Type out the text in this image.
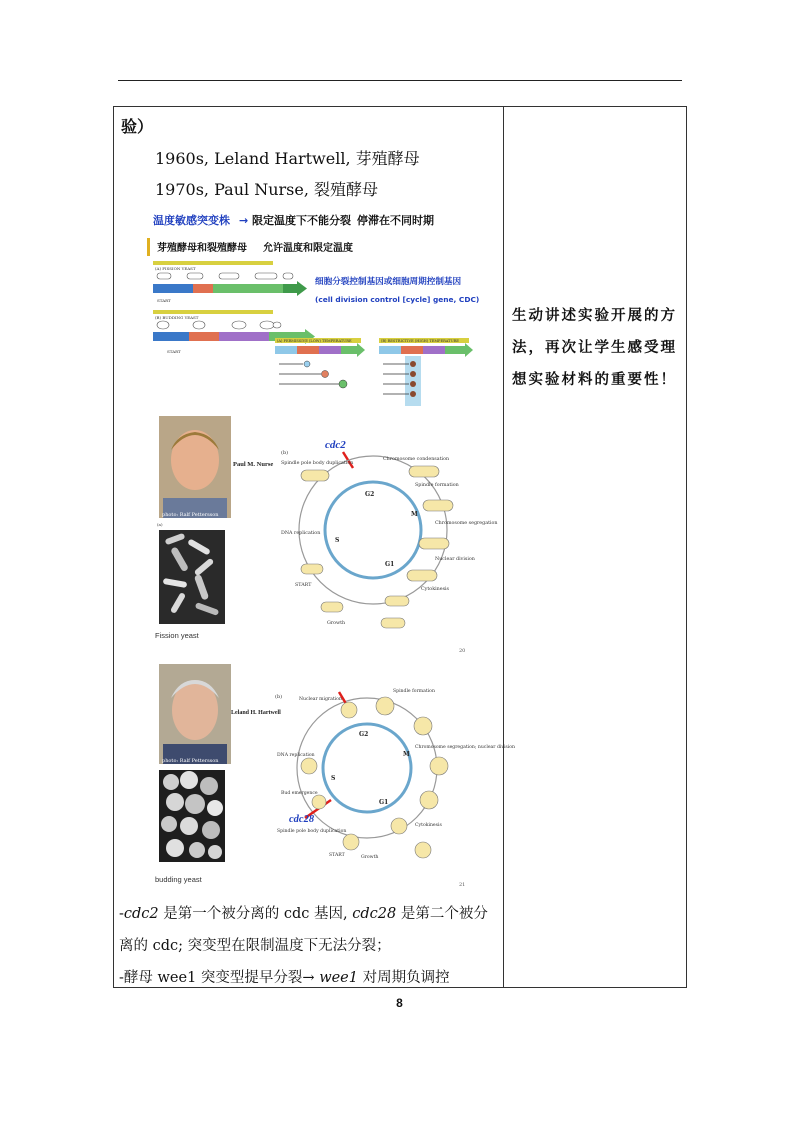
验）
1960s, Leland Hartwell, 芽殖酵母
1970s, Paul Nurse, 裂殖酵母
温度敏感突变株 → 限定温度下不能分裂 停滞在不同时期
芽殖酵母和裂殖酵母 允许温度和限定温度
(A) FISSION YEAST
START
(B) BUDDING YEAST
START
细胞分裂控制基因或细胞周期控制基因
(cell division control [cycle] gene, CDC)
(A) PERMISSIVE (LOW) TEMPERATURE	(B) RESTRICTIVE (HIGH) TEMPERATURE
photo: Ralf Pettersson
Paul M. Nurse
(a)
Fission yeast
(b)
cdc2
G2
M
S
G1
Chromosome condensation
Spindle pole body duplication
Spindle formation
Chromosome segregation
Nuclear division
DNA replication
Cytokinesis
START
Growth
20
photo: Ralf Pettersson
Leland H. Hartwell
budding yeast
(b)
cdc28
G2
M
S
G1
Nuclear migration
Spindle formation
Chromosome segregation; nuclear division
DNA replication
Bud emergence
Spindle pole body duplication
Cytokinesis
START	Growth
21
-cdc2 是第一个被分离的 cdc 基因, cdc28 是第二个被分
离的 cdc; 突变型在限制温度下无法分裂；
-酵母 wee1 突变型提早分裂→ wee1 对周期负调控
生动讲述实验开展的方法，再次让学生感受理想实验材料的重要性！
8
